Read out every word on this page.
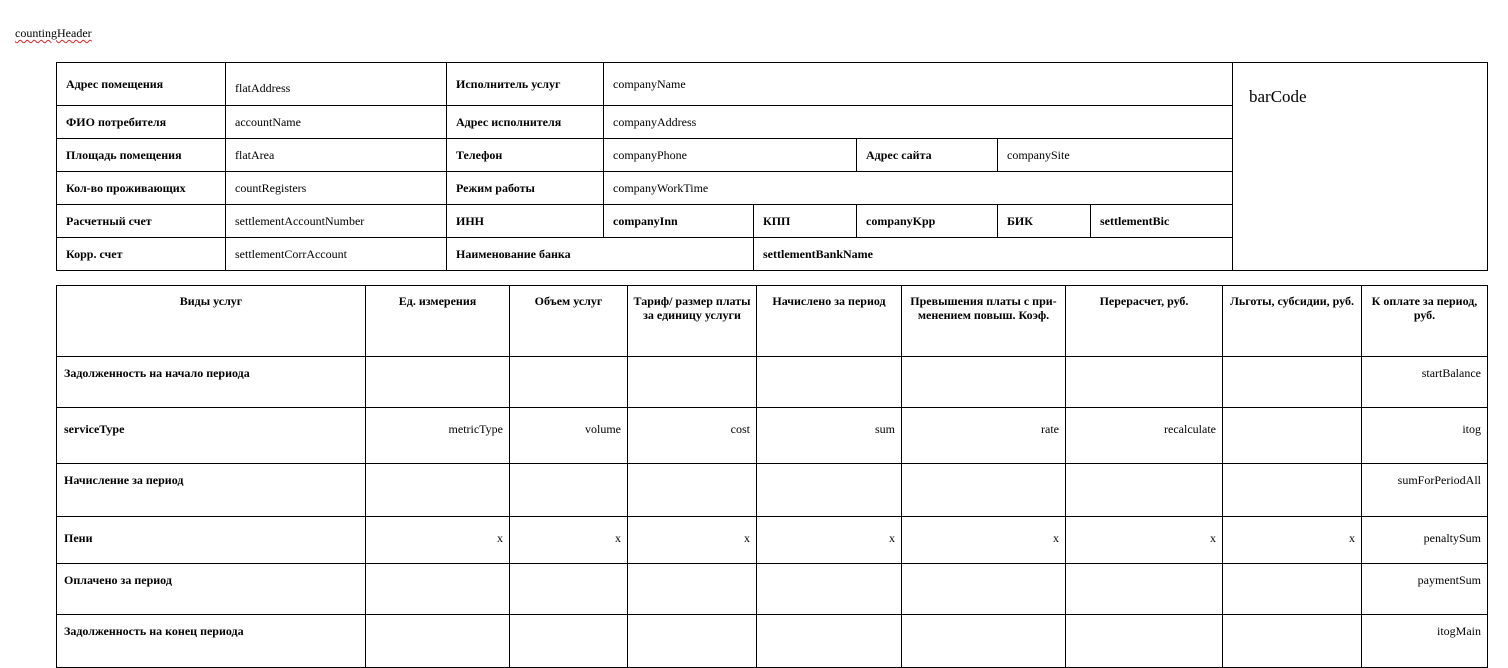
countingHeader
Адрес помещения	flatAddress	Исполнитель услуг	companyName					barCode
ФИО потребителя	accountName	Адрес исполнителя	companyAddress					
Площадь помещения	flatArea	Телефон	companyPhone		Адрес сайта	companySite		
Кол-во проживающих	countRegisters	Режим работы	companyWorkTime					
Расчетный счет	settlementAccountNumber	ИНН	companyInn	КПП	companyKpp	БИК	settlementBic	
Корр. счет	settlementCorrAccount	Наименование банка		settlementBankName				
Виды услуг	Ед. измерения	Объем услуг	Тариф/ размер платы за единицу услуги	Начислено за период	Превышения платы с при-менением повыш. Коэф.	Перерасчет, руб.	Льготы, субсидии, руб.	К оплате за период, руб.
Задолженность на начало периода								startBalance
serviceType	metricType	volume	cost	sum	rate	recalculate		itog
Начисление за период								sumForPeriodAll
Пени	x	x	x	x	x	x	x	penaltySum
Оплачено за период								paymentSum
Задолженность на конец периода								itogMain
